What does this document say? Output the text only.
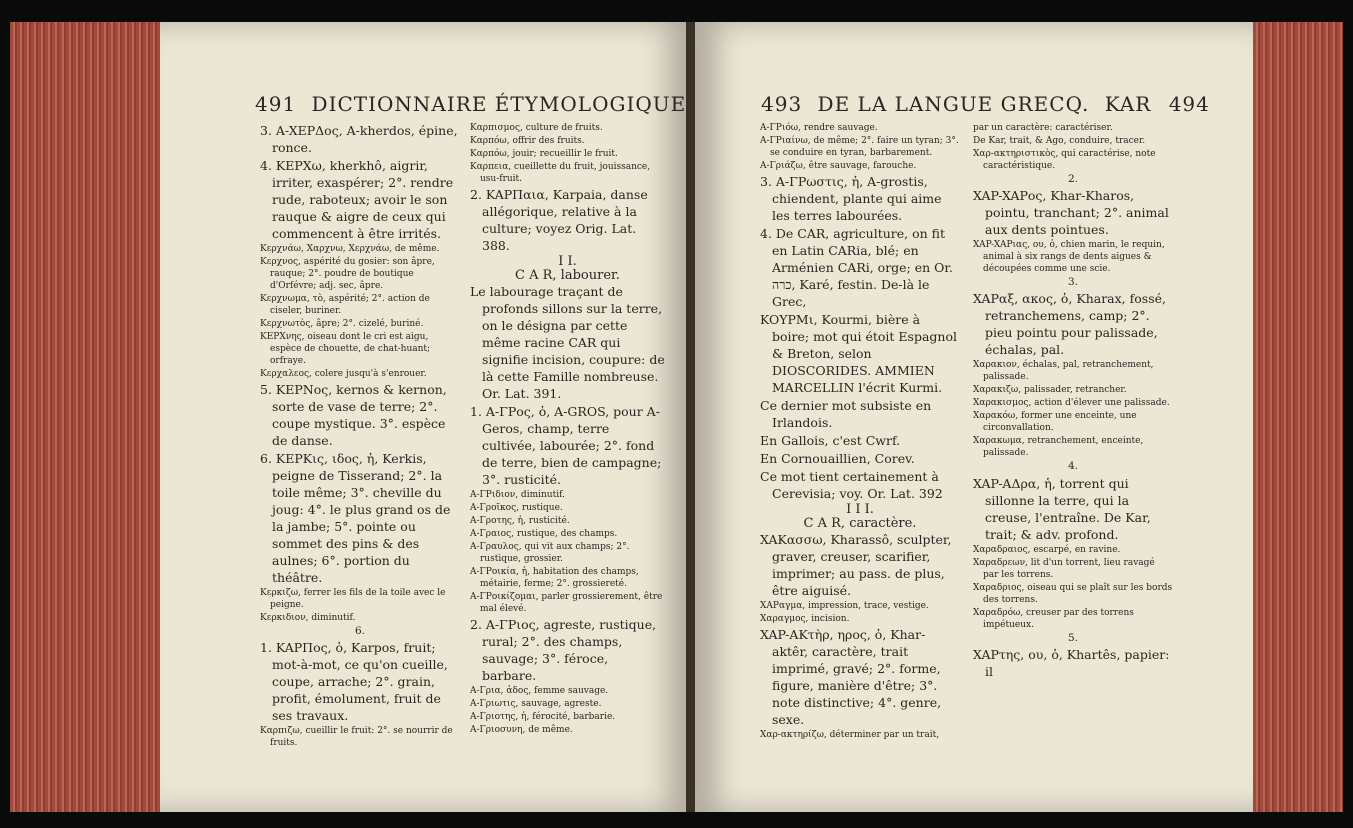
491 DICTIONNAIRE ÉTYMOLOGIQUE

3. A-XEPΔος, A-kherdos, épine, ronce.

4. KEPXω, kherkhô, aigrir, irriter, exaspérer; 2°. rendre rude, raboteux; avoir le son rauque & aigre de ceux qui commencent à être irrités.

Κερχνάω, Χαρχνω, Χερχνάω, de même.

Κερχνος, aspérité du gosier: son âpre, rauque; 2°. poudre de boutique d'Orfévre; adj. sec, âpre.

Κερχνωμα, τὸ, aspérité; 2°. action de ciseler, buriner.

Κερχνωτὸς, âpre; 2°. cizelé, buriné.

KEPXνης, oiseau dont le cri est aigu, espèce de chouette, de chat-huant; orfraye.

Κερχαλεος, colere jusqu'à s'enrouer.

5. KEPNος, kernos & kernon, sorte de vase de terre; 2°. coupe mystique. 3°. espèce de danse.

6. KEPKις, ιδος, ἡ, Kerkis, peigne de Tisserand; 2°. la toile même; 3°. cheville du joug: 4°. le plus grand os de la jambe; 5°. pointe ou sommet des pins & des aulnes; 6°. portion du théâtre.

Κερκιζω, ferrer les fils de la toile avec le peigne.

Κερκιδιον, diminutif.

6.

1. KAPΠος, ὁ, Karpos, fruit; mot-à-mot, ce qu'on cueille, coupe, arrache; 2°. grain, profit, émolument, fruit de ses travaux.

Καρπιζω, cueillir le fruit: 2°. se nourrir de fruits.

Καρπισμος, culture de fruits.

Καρπόω, offrir des fruits.

Καρπόω, jouir; recueillir le fruit.

Καρπεια, cueillette du fruit, jouissance, usu-fruit.

2. KAPΠαια, Karpaia, danse allégorique, relative à la culture; voyez Orig. Lat. 388.

I I.

C A R, labourer.

Le labourage traçant de profonds sillons sur la terre, on le désigna par cette même racine CAR qui signifie incision, coupure: de là cette Famille nombreuse. Or. Lat. 391.

1. A-ΓΡος, ὁ, A-GROS, pour A-Geros, champ, terre cultivée, labourée; 2°. fond de terre, bien de campagne; 3°. rusticité.

Α-ΓΡιδιον, diminutif.

Α-Γροῖκος, rustique.

Α-Γροτης, ἡ, rusticité.

Α-Γραιος, rustique, des champs.

Α-Γραυλος, qui vit aux champs; 2°. rustique, grossier.

Α-ΓΡοικία, ἡ, habitation des champs, métairie, ferme; 2°. grossiereté.

Α-ΓΡοικίζομαι, parler grossierement, être mal élevé.

2. A-ΓΡιος, agreste, rustique, rural; 2°. des champs, sauvage; 3°. féroce, barbare.

Α-Γρια, ἀδος, femme sauvage.

Α-Γριωτις, sauvage, agreste.

Α-Γριοτης, ἡ, férocité, barbarie.

Α-Γριοσυνη, de même.

493 DE LA LANGUE GRECQ. KAR 494

Α-ΓΡιόω, rendre sauvage.

Α-ΓΡιαίνω, de même; 2°. faire un tyran; 3°. se conduire en tyran, barbarement.

Α-Γριάζω, être sauvage, farouche.

3. A-ΓΡωστις, ἡ, A-grostis, chiendent, plante qui aime les terres labourées.

4. De CAR, agriculture, on fit en Latin CARia, blé; en Arménien CARi, orge; en Or. כרה, Karé, festin. De-là le Grec,

KOYPMι, Kourmi, bière à boire; mot qui étoit Espagnol & Breton, selon DIOSCORIDES. AMMIEN MARCELLIN l'écrit Kurmi.

Ce dernier mot subsiste en Irlandois.

En Gallois, c'est Cwrf.

En Cornouaillien, Corev.

Ce mot tient certainement à Cerevisia; voy. Or. Lat. 392

I I I.

C A R, caractère.

XAKασσω, Kharassô, sculpter, graver, creuser, scarifier, imprimer; au pass. de plus, être aiguisé.

ΧΑΡαγμα, impression, trace, vestige.

Χαραγμος, incision.

XAP-AKτὴρ, ηρος, ὁ, Khar-aktêr, caractère, trait imprimé, gravé; 2°. forme, figure, manière d'être; 3°. note distinctive; 4°. genre, sexe.

Χαρ-ακτηρίζω, déterminer par un trait,

par un caractère: caractériser.

De Kar, trait, & Ago, conduire, tracer.

Χαρ-ακτηριστικὸς, qui caractérise, note caractéristique.

2.

XAP-XAPος, Khar-Kharos, pointu, tranchant; 2°. animal aux dents pointues.

XAP-XAPιας, ου, ὁ, chien marin, le requin, animal à six rangs de dents aigues & découpées comme une scie.

3.

XAPαξ, ακος, ὁ, Kharax, fossé, retranchemens, camp; 2°. pieu pointu pour palissade, échalas, pal.

Χαρακιον, échalas, pal, retranchement, palissade.

Χαρακιζω, palissader, retrancher.

Χαρακισμος, action d'élever une palissade.

Χαρακόω, former une enceinte, une circonvallation.

Χαρακωμα, retranchement, enceinte, palissade.

4.

XAP-AΔρα, ἡ, torrent qui sillonne la terre, qui la creuse, l'entraîne. De Kar, trait; & adv. profond.

Χαραδραιος, escarpé, en ravine.

Χαραδρεων, lit d'un torrent, lieu ravagé par les torrens.

Χαραδριος, oiseau qui se plaît sur les bords des torrens.

Χαραδρόω, creuser par des torrens impétueux.

5.

XAPτης, ου, ὁ, Khartês, papier: il
